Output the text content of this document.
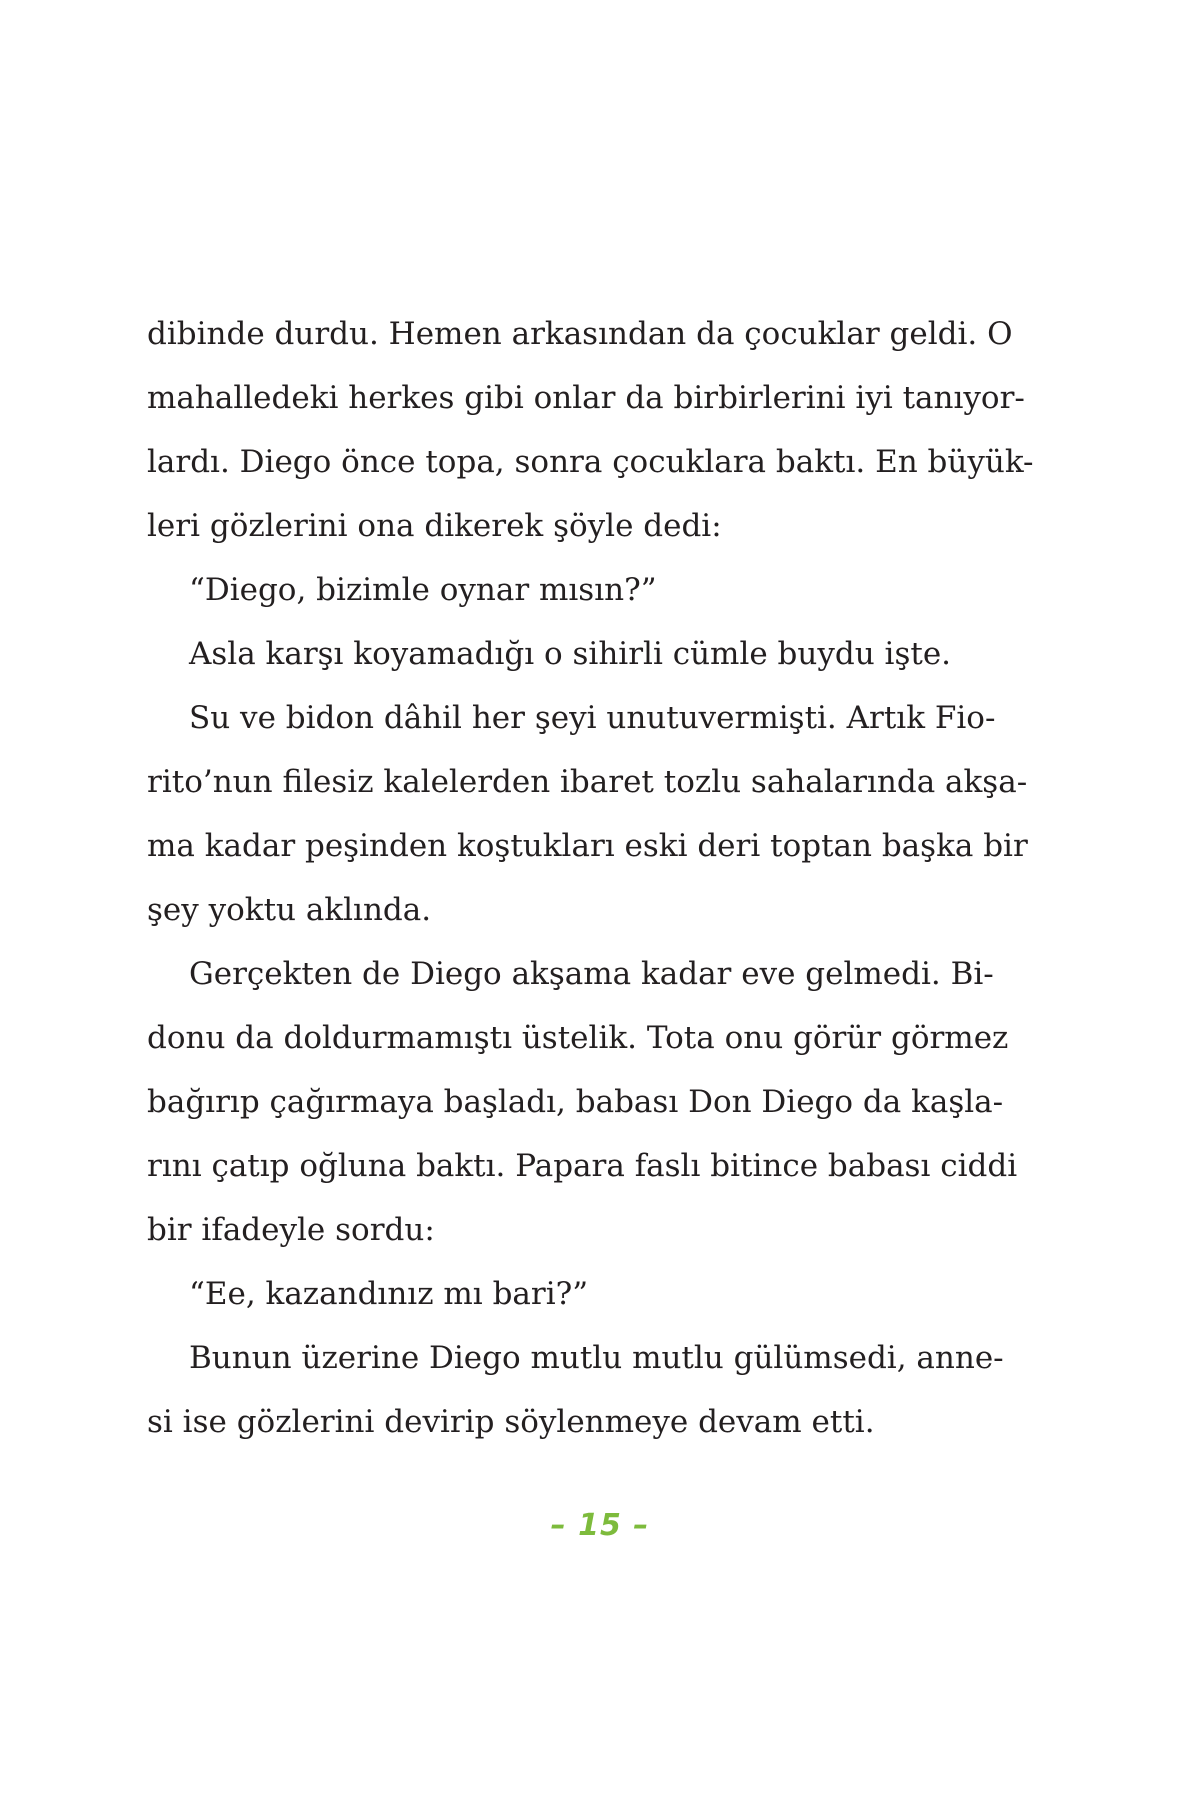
dibinde durdu. Hemen arkasından da çocuklar geldi. O
mahalledeki herkes gibi onlar da birbirlerini iyi tanıyor-
lardı. Diego önce topa, sonra çocuklara baktı. En büyük-
leri gözlerini ona dikerek şöyle dedi:
“Diego, bizimle oynar mısın?”
Asla karşı koyamadığı o sihirli cümle buydu işte.
Su ve bidon dâhil her şeyi unutuvermişti. Artık Fio-
rito’nun filesiz kalelerden ibaret tozlu sahalarında akşa-
ma kadar peşinden koştukları eski deri toptan başka bir
şey yoktu aklında.
Gerçekten de Diego akşama kadar eve gelmedi. Bi-
donu da doldurmamıştı üstelik. Tota onu görür görmez
bağırıp çağırmaya başladı, babası Don Diego da kaşla-
rını çatıp oğluna baktı. Papara faslı bitince babası ciddi
bir ifadeyle sordu:
“Ee, kazandınız mı bari?”
Bunun üzerine Diego mutlu mutlu gülümsedi, anne-
si ise gözlerini devirip söylenmeye devam etti.
– 15 –
